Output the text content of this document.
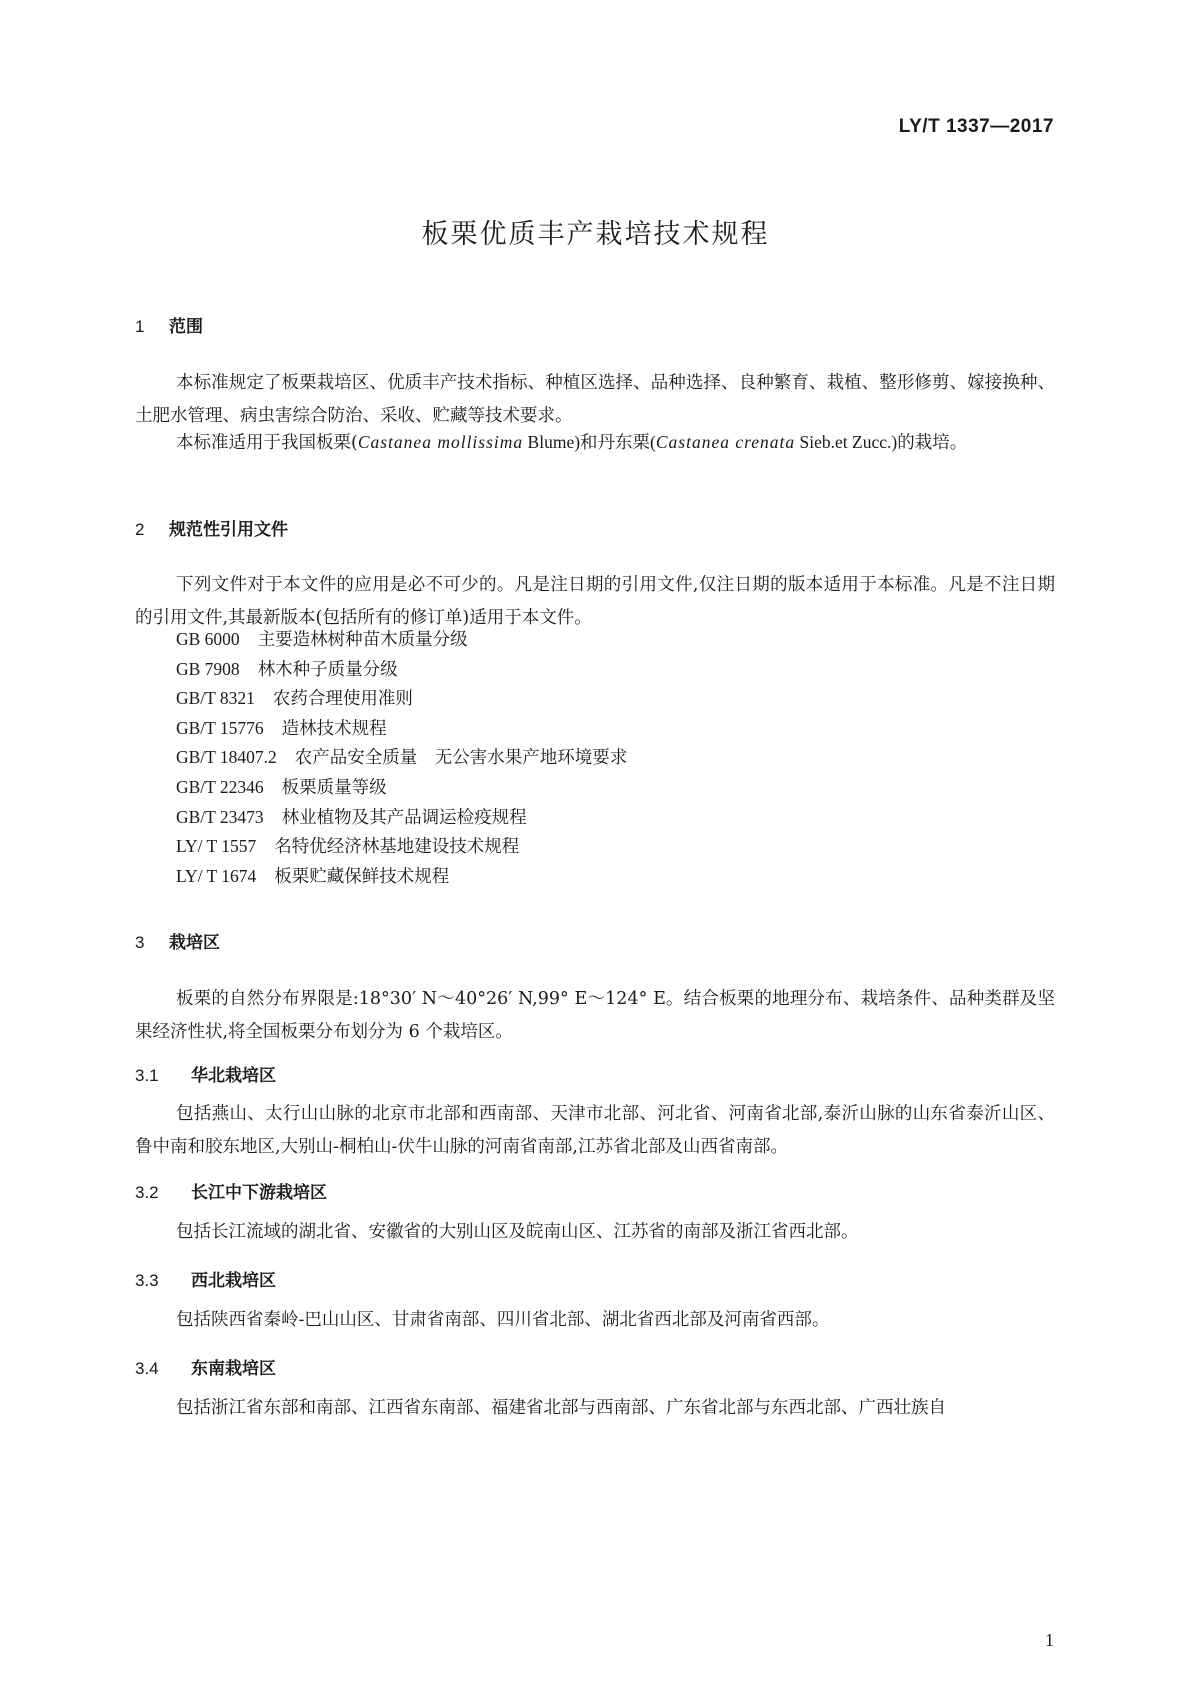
LY/T 1337—2017
板栗优质丰产栽培技术规程
1 范围

本标准规定了板栗栽培区、优质丰产技术指标、种植区选择、品种选择、良种繁育、栽植、整形修剪、嫁接换种、土肥水管理、病虫害综合防治、采收、贮藏等技术要求。

本标准适用于我国板栗(Castanea mollissima Blume)和丹东栗(Castanea crenata Sieb.et Zucc.)的栽培。

2 规范性引用文件

下列文件对于本文件的应用是必不可少的。凡是注日期的引用文件,仅注日期的版本适用于本标准。凡是不注日期的引用文件,其最新版本(包括所有的修订单)适用于本文件。

GB 6000 主要造林树种苗木质量分级
GB 7908 林木种子质量分级
GB/T 8321 农药合理使用准则
GB/T 15776 造林技术规程
GB/T 18407.2 农产品安全质量　无公害水果产地环境要求
GB/T 22346 板栗质量等级
GB/T 23473 林业植物及其产品调运检疫规程
LY/ T 1557 名特优经济林基地建设技术规程
LY/ T 1674 板栗贮藏保鲜技术规程
3 栽培区

板栗的自然分布界限是:18°30′ N～40°26′ N,99° E～124° E。结合板栗的地理分布、栽培条件、品种类群及坚果经济性状,将全国板栗分布划分为 6 个栽培区。

3.1 华北栽培区

包括燕山、太行山山脉的北京市北部和西南部、天津市北部、河北省、河南省北部,泰沂山脉的山东省泰沂山区、鲁中南和胶东地区,大别山-桐柏山-伏牛山脉的河南省南部,江苏省北部及山西省南部。

3.2 长江中下游栽培区

包括长江流域的湖北省、安徽省的大别山区及皖南山区、江苏省的南部及浙江省西北部。

3.3 西北栽培区

包括陕西省秦岭-巴山山区、甘肃省南部、四川省北部、湖北省西北部及河南省西部。

3.4 东南栽培区

包括浙江省东部和南部、江西省东南部、福建省北部与西南部、广东省北部与东西北部、广西壮族自

1
